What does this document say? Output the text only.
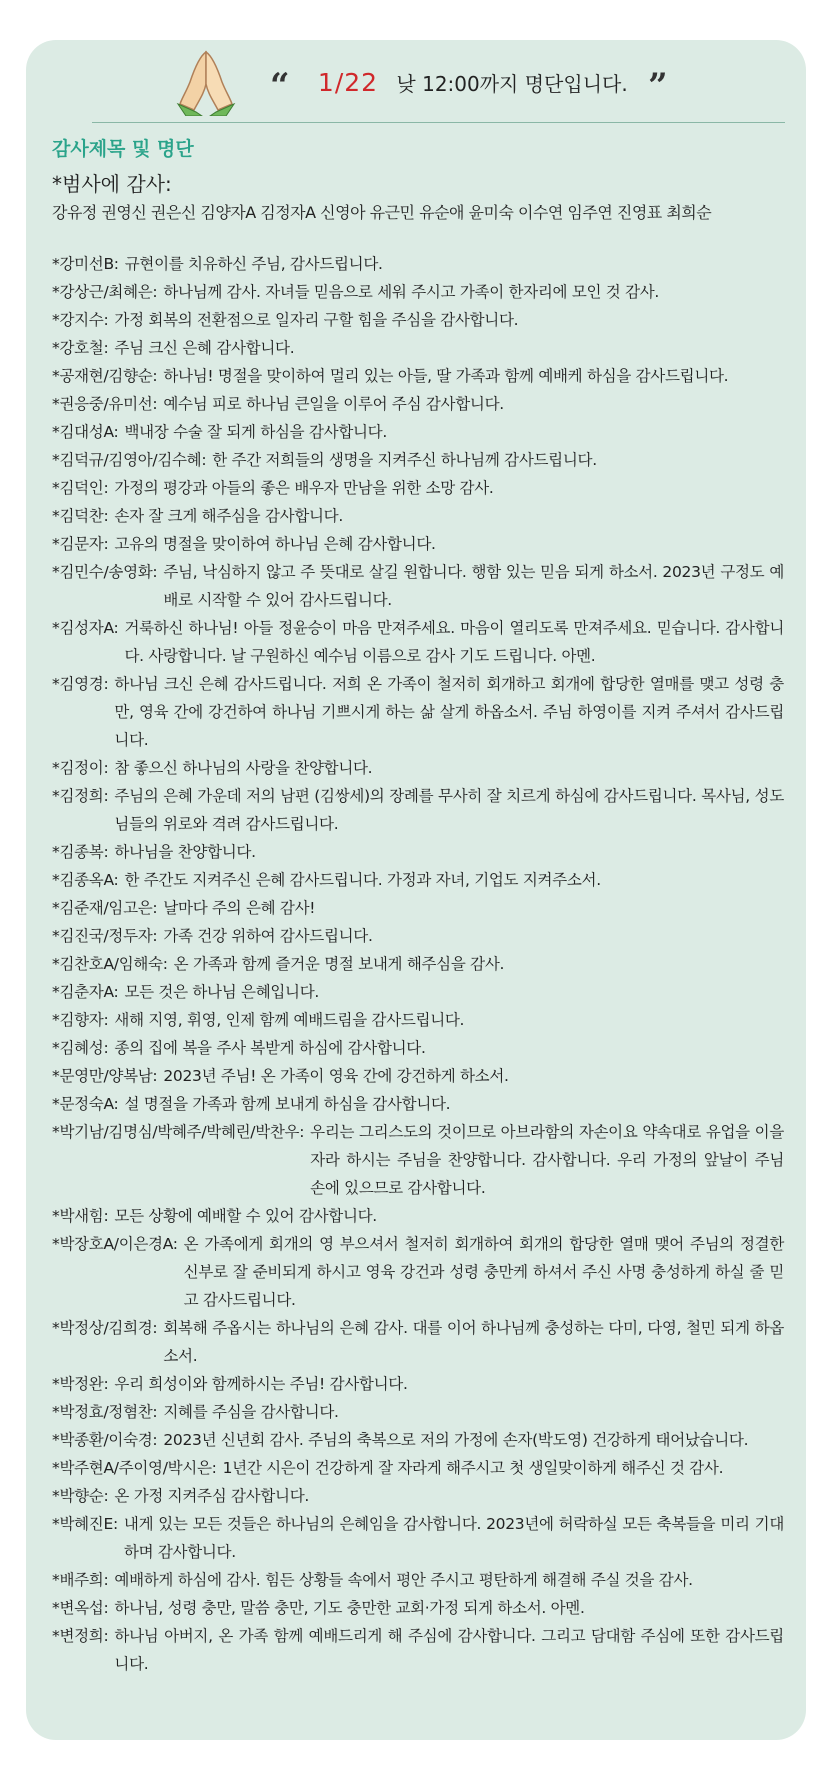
“ 1/22 낮 12:00까지 명단입니다. ”
감사제목 및 명단
*범사에 감사:
강유정 권영신 권은신 김양자A 김정자A 신영아 유근민 유순애 윤미숙 이수연 임주연 진영표 최희순
*강미선B: 규현이를 치유하신 주님, 감사드립니다.
*강상근/최혜은: 하나님께 감사. 자녀들 믿음으로 세워 주시고 가족이 한자리에 모인 것 감사.
*강지수: 가정 회복의 전환점으로 일자리 구할 힘을 주심을 감사합니다.
*강호철: 주님 크신 은혜 감사합니다.
*공재현/김향순: 하나님! 명절을 맞이하여 멀리 있는 아들, 딸 가족과 함께 예배케 하심을 감사드립니다.
*권응중/유미선: 예수님 피로 하나님 큰일을 이루어 주심 감사합니다.
*김대성A: 백내장 수술 잘 되게 하심을 감사합니다.
*김덕규/김영아/김수혜: 한 주간 저희들의 생명을 지켜주신 하나님께 감사드립니다.
*김덕인: 가정의 평강과 아들의 좋은 배우자 만남을 위한 소망 감사.
*김덕찬: 손자 잘 크게 해주심을 감사합니다.
*김문자: 고유의 명절을 맞이하여 하나님 은혜 감사합니다.
*김민수/송영화: 주님, 낙심하지 않고 주 뜻대로 살길 원합니다. 행함 있는 믿음 되게 하소서. 2023년 구정도 예배로 시작할 수 있어 감사드립니다.
*김성자A: 거룩하신 하나님! 아들 정윤승이 마음 만져주세요. 마음이 열리도록 만져주세요. 믿습니다. 감사합니다. 사랑합니다. 날 구원하신 예수님 이름으로 감사 기도 드립니다. 아멘.
*김영경: 하나님 크신 은혜 감사드립니다. 저희 온 가족이 철저히 회개하고 회개에 합당한 열매를 맺고 성령 충만, 영육 간에 강건하여 하나님 기쁘시게 하는 삶 살게 하옵소서. 주님 하영이를 지켜 주셔서 감사드립니다.
*김정이: 참 좋으신 하나님의 사랑을 찬양합니다.
*김정희: 주님의 은혜 가운데 저의 남편 (김쌍세)의 장례를 무사히 잘 치르게 하심에 감사드립니다. 목사님, 성도님들의 위로와 격려 감사드립니다.
*김종복: 하나님을 찬양합니다.
*김종옥A: 한 주간도 지켜주신 은혜 감사드립니다. 가정과 자녀, 기업도 지켜주소서.
*김준재/임고은: 날마다 주의 은혜 감사!
*김진국/정두자: 가족 건강 위하여 감사드립니다.
*김찬호A/임해숙: 온 가족과 함께 즐거운 명절 보내게 해주심을 감사.
*김춘자A: 모든 것은 하나님 은혜입니다.
*김향자: 새해 지영, 휘영, 인제 함께 예배드림을 감사드립니다.
*김혜성: 종의 집에 복을 주사 복받게 하심에 감사합니다.
*문영만/양복남: 2023년 주님! 온 가족이 영육 간에 강건하게 하소서.
*문정숙A: 설 명절을 가족과 함께 보내게 하심을 감사합니다.
*박기남/김명심/박혜주/박혜린/박찬우: 우리는 그리스도의 것이므로 아브라함의 자손이요 약속대로 유업을 이을 자라 하시는 주님을 찬양합니다. 감사합니다. 우리 가정의 앞날이 주님 손에 있으므로 감사합니다.
*박새힘: 모든 상황에 예배할 수 있어 감사합니다.
*박장호A/이은경A: 온 가족에게 회개의 영 부으셔서 철저히 회개하여 회개의 합당한 열매 맺어 주님의 정결한 신부로 잘 준비되게 하시고 영육 강건과 성령 충만케 하셔서 주신 사명 충성하게 하실 줄 믿고 감사드립니다.
*박정상/김희경: 회복해 주옵시는 하나님의 은혜 감사. 대를 이어 하나님께 충성하는 다미, 다영, 철민 되게 하옵소서.
*박정완: 우리 희성이와 함께하시는 주님! 감사합니다.
*박정효/정혐찬: 지혜를 주심을 감사합니다.
*박종환/이숙경: 2023년 신년회 감사. 주님의 축복으로 저의 가정에 손자(박도영) 건강하게 태어났습니다.
*박주현A/주이영/박시은: 1년간 시은이 건강하게 잘 자라게 해주시고 첫 생일맞이하게 해주신 것 감사.
*박향순: 온 가정 지켜주심 감사합니다.
*박혜진E: 내게 있는 모든 것들은 하나님의 은혜임을 감사합니다. 2023년에 허락하실 모든 축복들을 미리 기대하며 감사합니다.
*배주희: 예배하게 하심에 감사. 힘든 상황들 속에서 평안 주시고 평탄하게 해결해 주실 것을 감사.
*변옥섭: 하나님, 성령 충만, 말씀 충만, 기도 충만한 교회·가정 되게 하소서. 아멘.
*변정희: 하나님 아버지, 온 가족 함께 예배드리게 해 주심에 감사합니다. 그리고 담대함 주심에 또한 감사드립니다.
